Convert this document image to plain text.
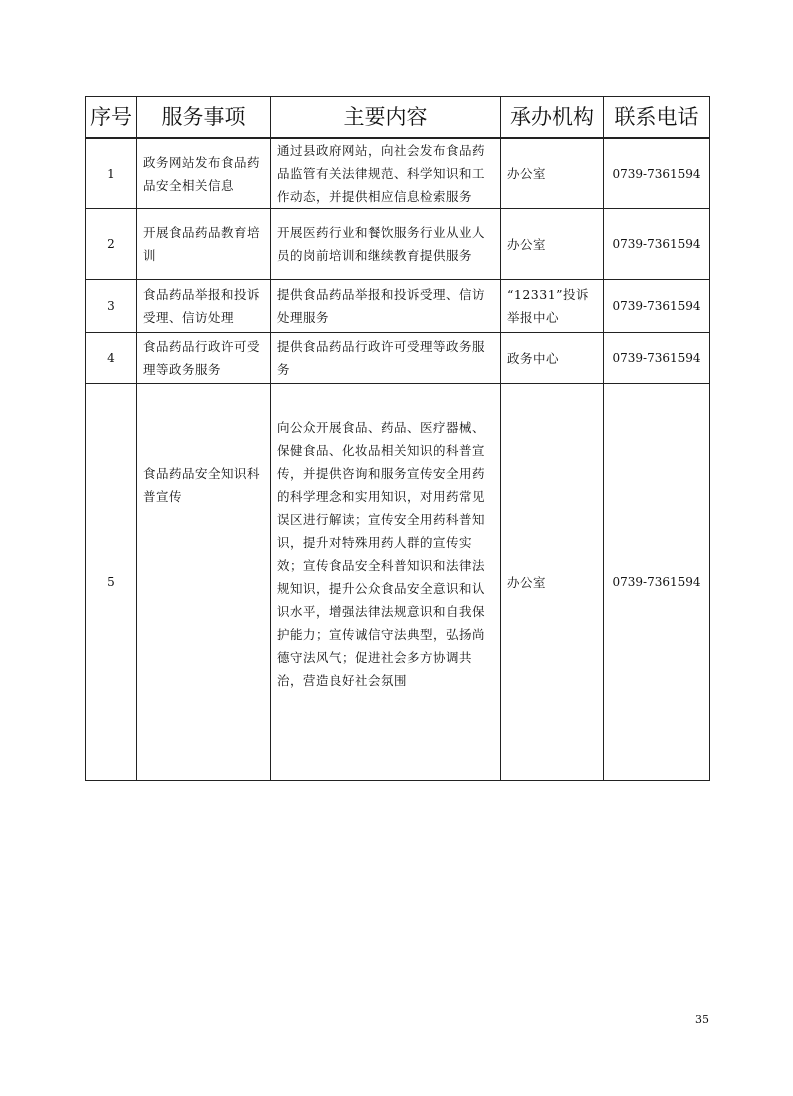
序号	服务事项	主要内容	承办机构	联系电话
1	政务网站发布食品药品安全相关信息	通过县政府网站，向社会发布食品药品监管有关法律规范、科学知识和工作动态，并提供相应信息检索服务	办公室	0739-7361594
2	开展食品药品教育培训	开展医药行业和餐饮服务行业从业人员的岗前培训和继续教育提供服务	办公室	0739-7361594
3	食品药品举报和投诉受理、信访处理	提供食品药品举报和投诉受理、信访处理服务	“12331”投诉举报中心	0739-7361594
4	食品药品行政许可受理等政务服务	提供食品药品行政许可受理等政务服务	政务中心	0739-7361594
5	食品药品安全知识科普宣传	向公众开展食品、药品、医疗器械、保健食品、化妆品相关知识的科普宣传，并提供咨询和服务宣传安全用药的科学理念和实用知识，对用药常见误区进行解读；宣传安全用药科普知识，提升对特殊用药人群的宣传实效；宣传食品安全科普知识和法律法规知识，提升公众食品安全意识和认识水平，增强法律法规意识和自我保护能力；宣传诚信守法典型，弘扬尚德守法风气；促进社会多方协调共治，营造良好社会氛围	办公室	0739-7361594
35
